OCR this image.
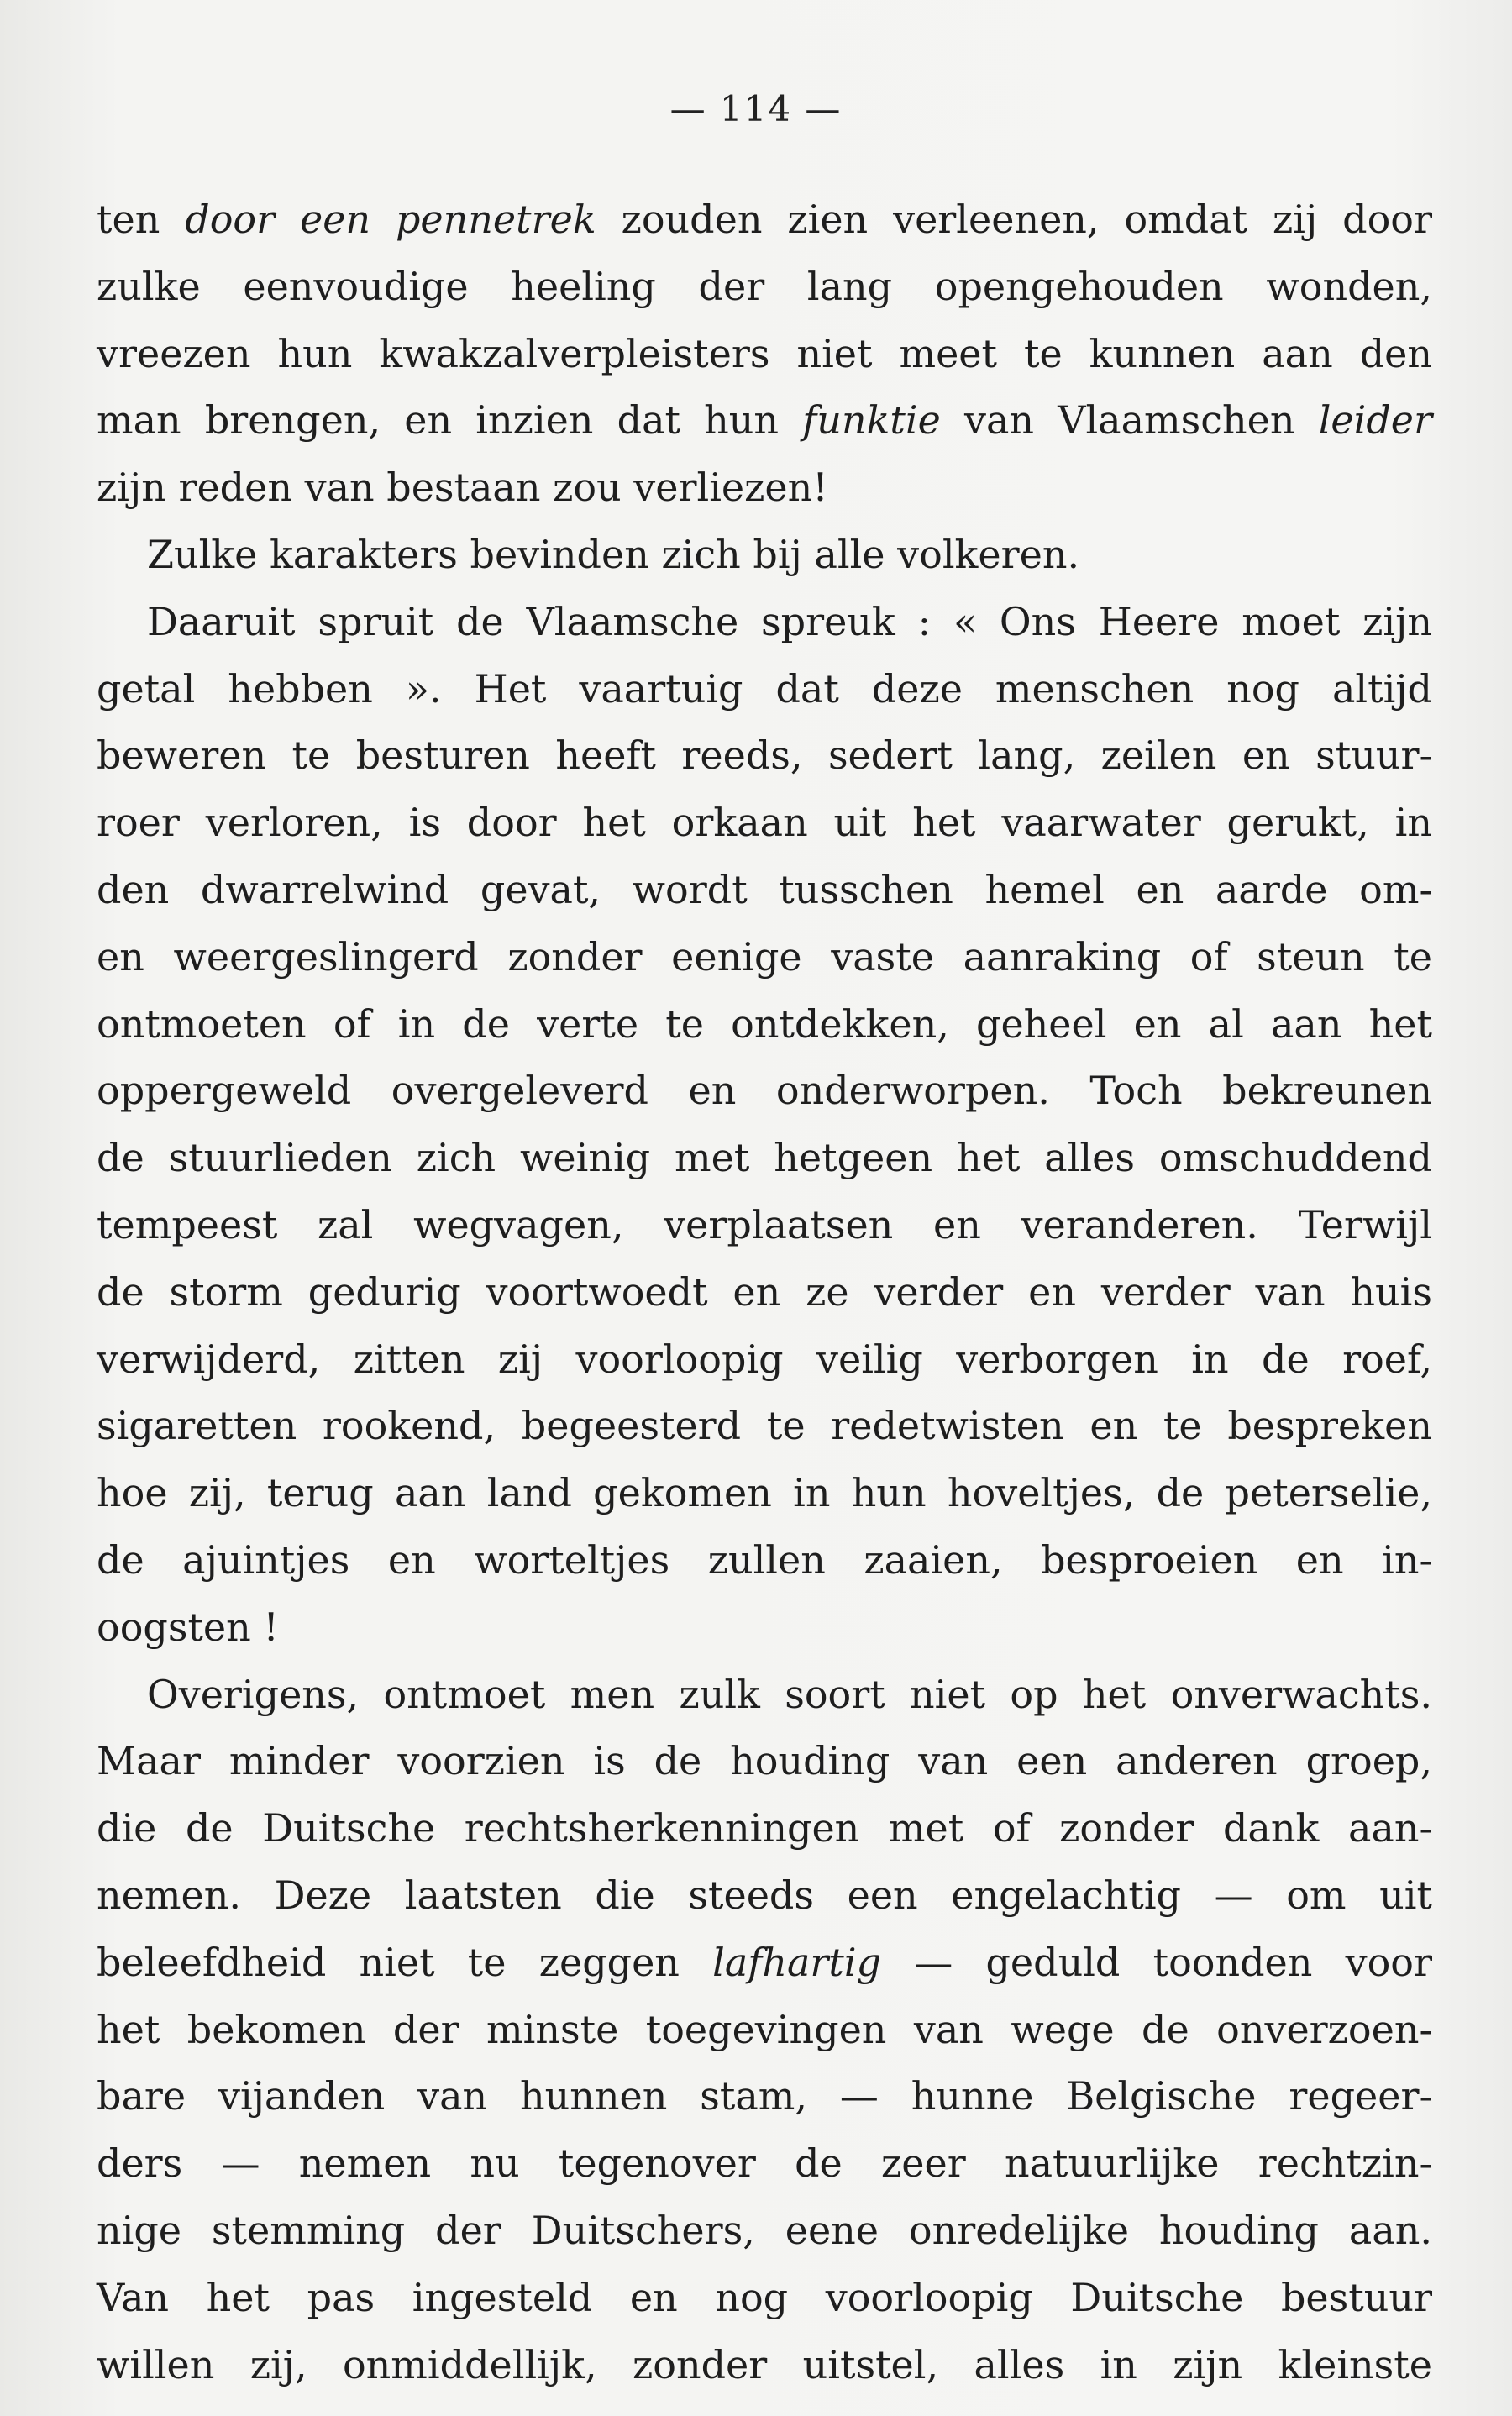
— 114 —
ten door een pennetrek zouden zien verleenen, omdat zij door
zulke eenvoudige heeling der lang opengehouden wonden,
vreezen hun kwakzalverpleisters niet meet te kunnen aan den
man brengen, en inzien dat hun funktie van Vlaamschen leider
zijn reden van bestaan zou verliezen!
Zulke karakters bevinden zich bij alle volkeren.
Daaruit spruit de Vlaamsche spreuk : « Ons Heere moet zijn
getal hebben ». Het vaartuig dat deze menschen nog altijd
beweren te besturen heeft reeds, sedert lang, zeilen en stuur-
roer verloren, is door het orkaan uit het vaarwater gerukt, in
den dwarrelwind gevat, wordt tusschen hemel en aarde om-
en weergeslingerd zonder eenige vaste aanraking of steun te
ontmoeten of in de verte te ontdekken, geheel en al aan het
oppergeweld overgeleverd en onderworpen. Toch bekreunen
de stuurlieden zich weinig met hetgeen het alles omschuddend
tempeest zal wegvagen, verplaatsen en veranderen. Terwijl
de storm gedurig voortwoedt en ze verder en verder van huis
verwijderd, zitten zij voorloopig veilig verborgen in de roef,
sigaretten rookend, begeesterd te redetwisten en te bespreken
hoe zij, terug aan land gekomen in hun hoveltjes, de peterselie,
de ajuintjes en worteltjes zullen zaaien, besproeien en in-
oogsten !
Overigens, ontmoet men zulk soort niet op het onverwachts.
Maar minder voorzien is de houding van een anderen groep,
die de Duitsche rechtsherkenningen met of zonder dank aan-
nemen. Deze laatsten die steeds een engelachtig — om uit
beleefdheid niet te zeggen lafhartig — geduld toonden voor
het bekomen der minste toegevingen van wege de onverzoen-
bare vijanden van hunnen stam, — hunne Belgische regeer-
ders — nemen nu tegenover de zeer natuurlijke rechtzin-
nige stemming der Duitschers, eene onredelijke houding aan.
Van het pas ingesteld en nog voorloopig Duitsche bestuur
willen zij, onmiddellijk, zonder uitstel, alles in zijn kleinste
